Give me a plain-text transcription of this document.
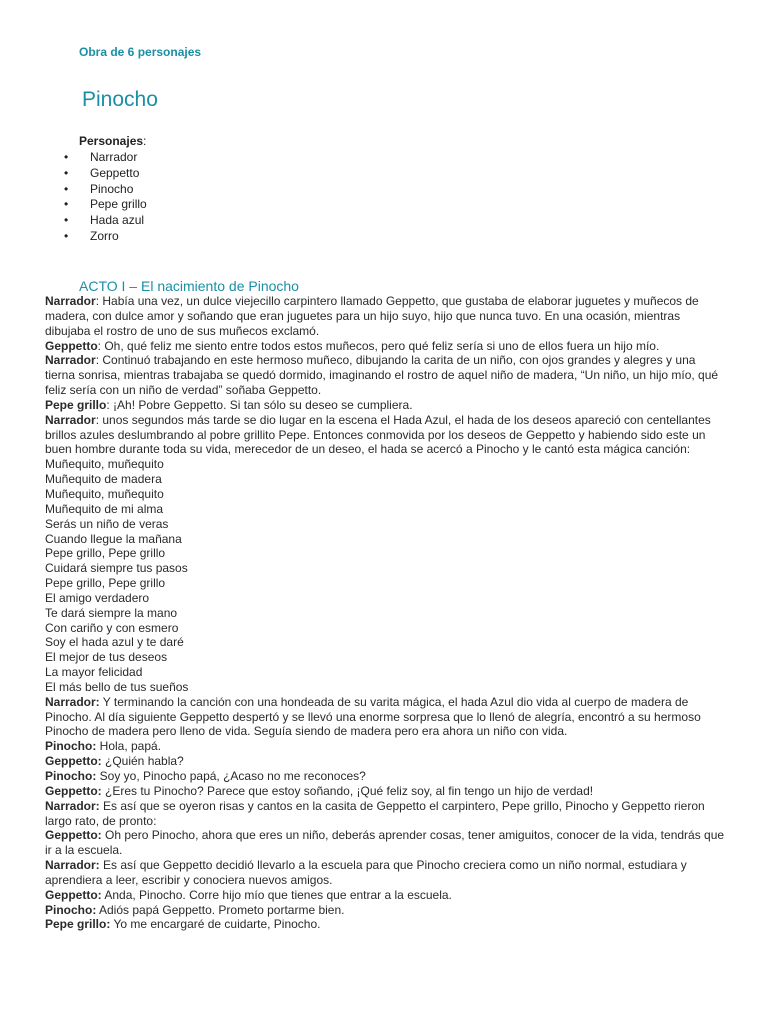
Obra de 6 personajes
Pinocho
Personajes:
• Narrador
• Geppetto
• Pinocho
• Pepe grillo
• Hada azul
• Zorro
ACTO I – El nacimiento de Pinocho

Narrador: Había una vez, un dulce viejecillo carpintero llamado Geppetto, que gustaba de elaborar juguetes y muñecos de madera, con dulce amor y soñando que eran juguetes para un hijo suyo, hijo que nunca tuvo. En una ocasión, mientras dibujaba el rostro de uno de sus muñecos exclamó.

Geppetto: Oh, qué feliz me siento entre todos estos muñecos, pero qué feliz sería si uno de ellos fuera un hijo mío.

Narrador: Continuó trabajando en este hermoso muñeco, dibujando la carita de un niño, con ojos grandes y alegres y una tierna sonrisa, mientras trabajaba se quedó dormido, imaginando el rostro de aquel niño de madera, “Un niño, un hijo mío, qué feliz sería con un niño de verdad” soñaba Geppetto.

Pepe grillo: ¡Ah! Pobre Geppetto. Si tan sólo su deseo se cumpliera.

Narrador: unos segundos más tarde se dio lugar en la escena el Hada Azul, el hada de los deseos apareció con centellantes brillos azules deslumbrando al pobre grillito Pepe. Entonces conmovida por los deseos de Geppetto y habiendo sido este un buen hombre durante toda su vida, merecedor de un deseo, el hada se acercó a Pinocho y le cantó esta mágica canción:

Muñequito, muñequito

Muñequito de madera

Muñequito, muñequito

Muñequito de mi alma

Serás un niño de veras

Cuando llegue la mañana

Pepe grillo, Pepe grillo

Cuidará siempre tus pasos

Pepe grillo, Pepe grillo

El amigo verdadero

Te dará siempre la mano

Con cariño y con esmero

Soy el hada azul y te daré

El mejor de tus deseos

La mayor felicidad

El más bello de tus sueños

Narrador: Y terminando la canción con una hondeada de su varita mágica, el hada Azul dio vida al cuerpo de madera de Pinocho. Al día siguiente Geppetto despertó y se llevó una enorme sorpresa que lo llenó de alegría, encontró a su hermoso Pinocho de madera pero lleno de vida. Seguía siendo de madera pero era ahora un niño con vida.

Pinocho: Hola, papá.

Geppetto: ¿Quién habla?

Pinocho: Soy yo, Pinocho papá, ¿Acaso no me reconoces?

Geppetto: ¿Eres tu Pinocho? Parece que estoy soñando, ¡Qué feliz soy, al fin tengo un hijo de verdad!

Narrador: Es así que se oyeron risas y cantos en la casita de Geppetto el carpintero, Pepe grillo, Pinocho y Geppetto rieron largo rato, de pronto:

Geppetto: Oh pero Pinocho, ahora que eres un niño, deberás aprender cosas, tener amiguitos, conocer de la vida, tendrás que ir a la escuela.

Narrador: Es así que Geppetto decidió llevarlo a la escuela para que Pinocho creciera como un niño normal, estudiara y aprendiera a leer, escribir y conociera nuevos amigos.

Geppetto: Anda, Pinocho. Corre hijo mío que tienes que entrar a la escuela.

Pinocho: Adiós papá Geppetto. Prometo portarme bien.

Pepe grillo: Yo me encargaré de cuidarte, Pinocho.
